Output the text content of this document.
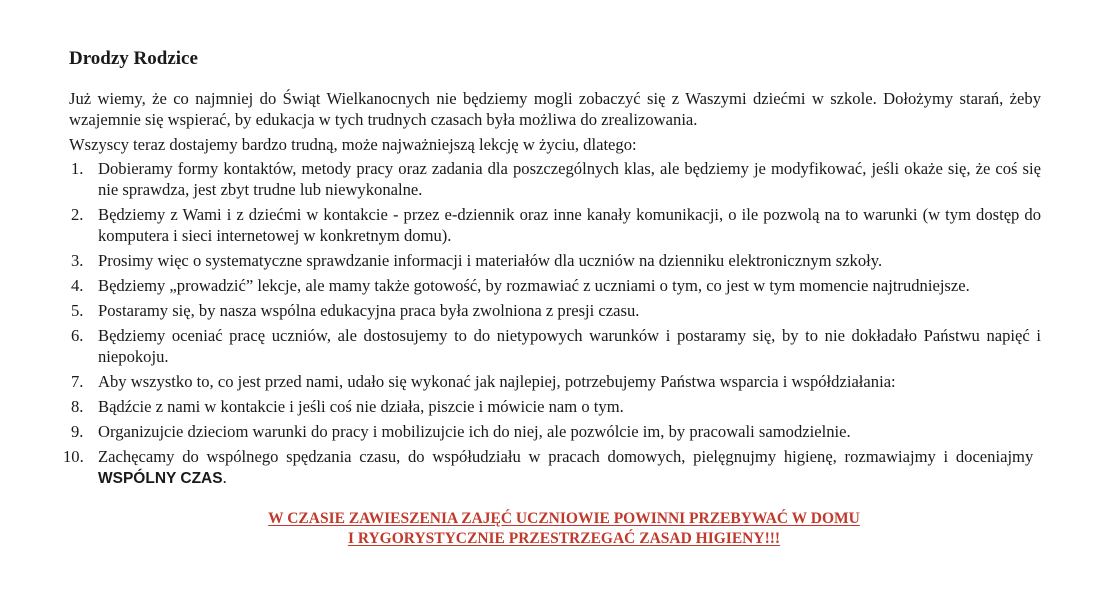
Drodzy Rodzice

Już wiemy, że co najmniej do Świąt Wielkanocnych nie będziemy mogli zobaczyć się z Waszymi dziećmi w szkole. Dołożymy starań, żeby wzajemnie się wspierać, by edukacja w tych trudnych czasach była możliwa do zrealizowania.

Wszyscy teraz dostajemy bardzo trudną, może najważniejszą lekcję w życiu, dlatego:

1. Dobieramy formy kontaktów, metody pracy oraz zadania dla poszczególnych klas, ale będziemy je modyfikować, jeśli okaże się, że coś się nie sprawdza, jest zbyt trudne lub niewykonalne.
2. Będziemy z Wami i z dziećmi w kontakcie - przez e-dziennik oraz inne kanały komunikacji, o ile pozwolą na to warunki (w tym dostęp do komputera i sieci internetowej w konkretnym domu).
3. Prosimy więc o systematyczne sprawdzanie informacji i materiałów dla uczniów na dzienniku elektronicznym szkoły.
4. Będziemy „prowadzić” lekcje, ale mamy także gotowość, by rozmawiać z uczniami o tym, co jest w tym momencie najtrudniejsze.
5. Postaramy się, by nasza wspólna edukacyjna praca była zwolniona z presji czasu.
6. Będziemy oceniać pracę uczniów, ale dostosujemy to do nietypowych warunków i postaramy się, by to nie dokładało Państwu napięć i niepokoju.
7. Aby wszystko to, co jest przed nami, udało się wykonać jak najlepiej, potrzebujemy Państwa wsparcia i współdziałania:
8. Bądźcie z nami w kontakcie i jeśli coś nie działa, piszcie i mówicie nam o tym.
9. Organizujcie dzieciom warunki do pracy i mobilizujcie ich do niej, ale pozwólcie im, by pracowali samodzielnie.
10. Zachęcamy do wspólnego spędzania czasu, do współudziału w pracach domowych, pielęgnujmy higienę, rozmawiajmy i doceniajmy WSPÓLNY CZAS.
W CZASIE ZAWIESZENIA ZAJĘĆ UCZNIOWIE POWINNI PRZEBYWAĆ W DOMU
I RYGORYSTYCZNIE PRZESTRZEGAĆ ZASAD HIGIENY!!!
